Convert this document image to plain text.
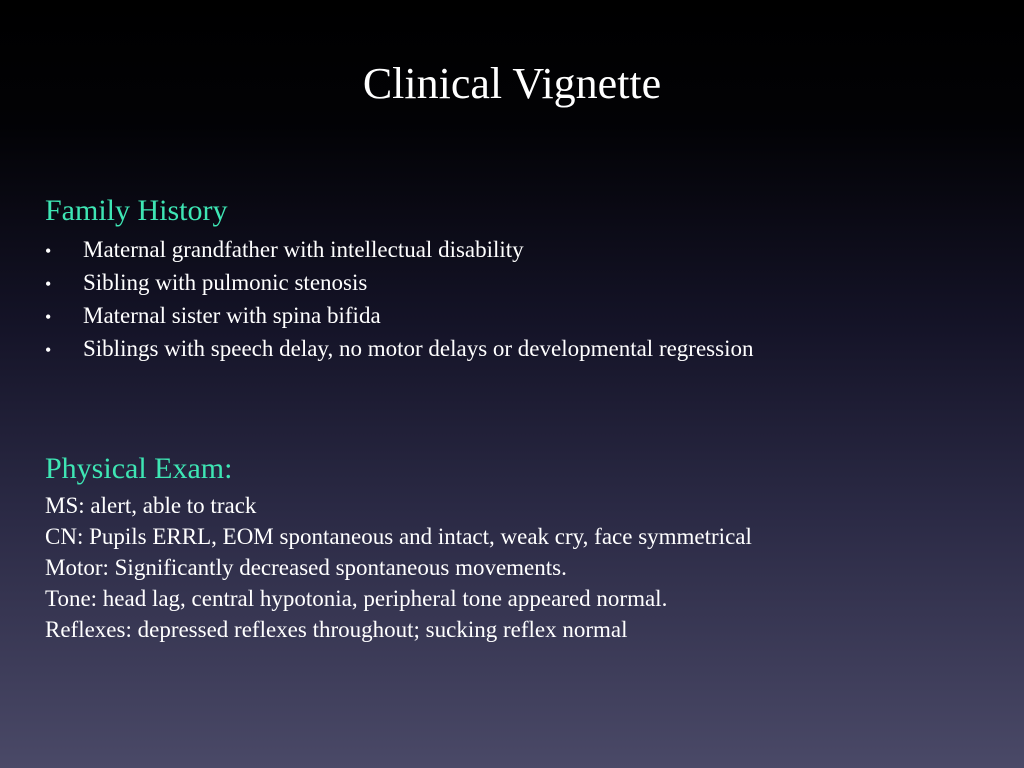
Clinical Vignette
Family History
•	Maternal grandfather with intellectual disability
•	Sibling with pulmonic stenosis
•	Maternal sister with spina bifida
•	Siblings with speech delay, no motor delays or developmental regression
Physical Exam:
MS: alert, able to track
CN: Pupils ERRL, EOM spontaneous and intact, weak cry, face symmetrical
Motor: Significantly decreased spontaneous movements.
Tone: head lag, central hypotonia, peripheral tone appeared normal.
Reflexes: depressed reflexes throughout; sucking reflex normal
